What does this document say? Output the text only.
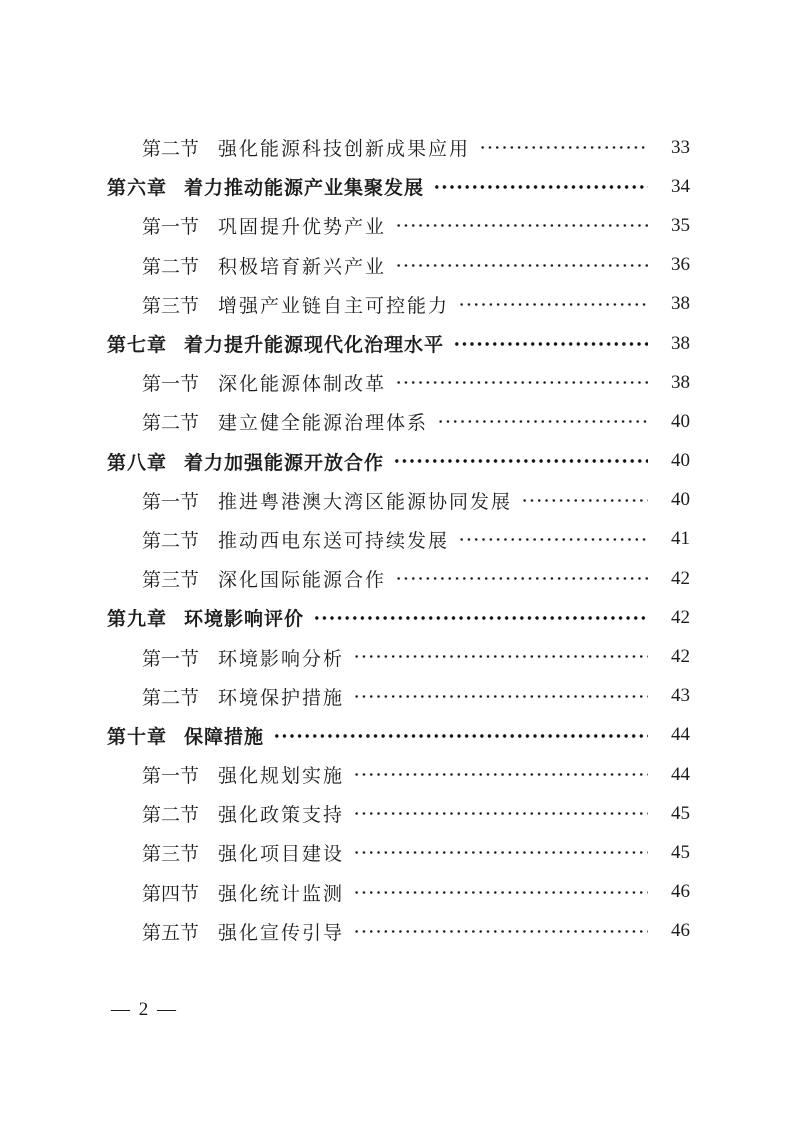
第二节 强化能源科技创新成果应用	33
第六章 着力推动能源产业集聚发展	34
第一节 巩固提升优势产业	35
第二节 积极培育新兴产业	36
第三节 增强产业链自主可控能力	38
第七章 着力提升能源现代化治理水平	38
第一节 深化能源体制改革	38
第二节 建立健全能源治理体系	40
第八章 着力加强能源开放合作	40
第一节 推进粤港澳大湾区能源协同发展	40
第二节 推动西电东送可持续发展	41
第三节 深化国际能源合作	42
第九章 环境影响评价	42
第一节 环境影响分析	42
第二节 环境保护措施	43
第十章 保障措施	44
第一节 强化规划实施	44
第二节 强化政策支持	45
第三节 强化项目建设	45
第四节 强化统计监测	46
第五节 强化宣传引导	46
— 2 —
